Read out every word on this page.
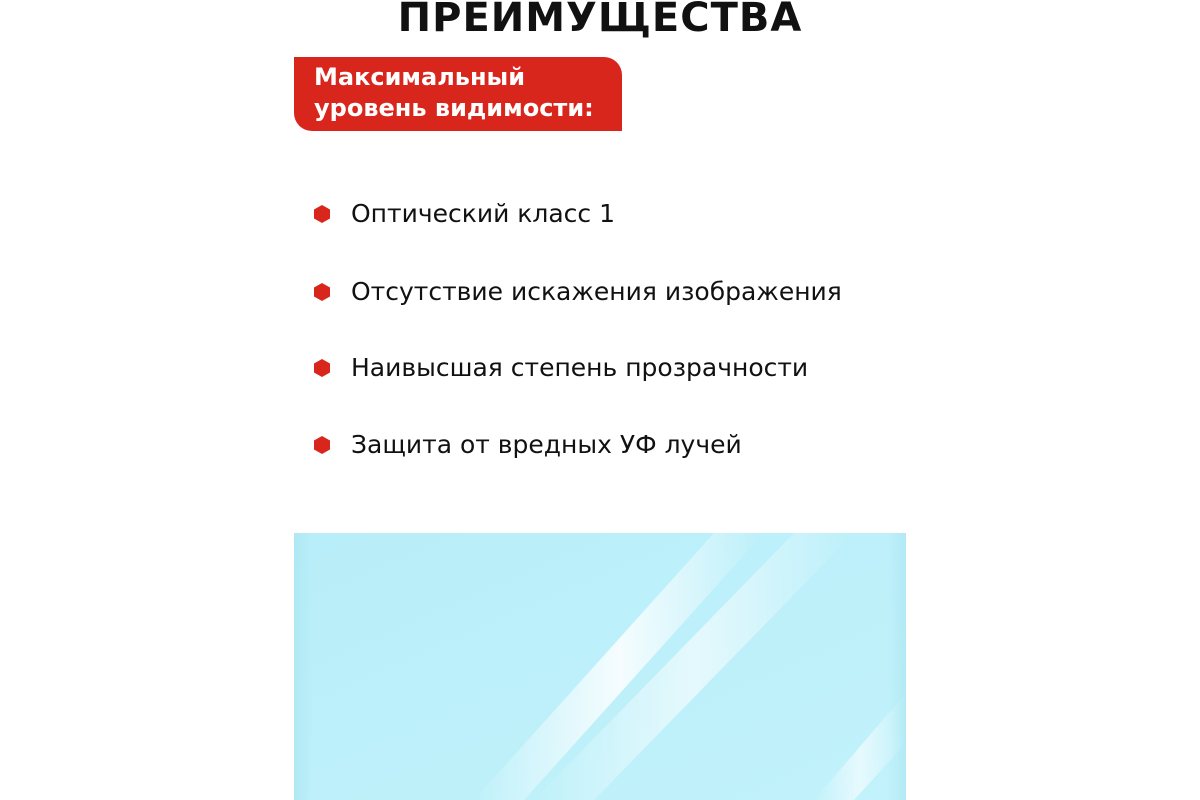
ПРЕИМУЩЕСТВА
Максимальный
уровень видимости:
Оптический класс 1
Отсутствие искажения изображения
Наивысшая степень прозрачности
Защита от вредных УФ лучей
